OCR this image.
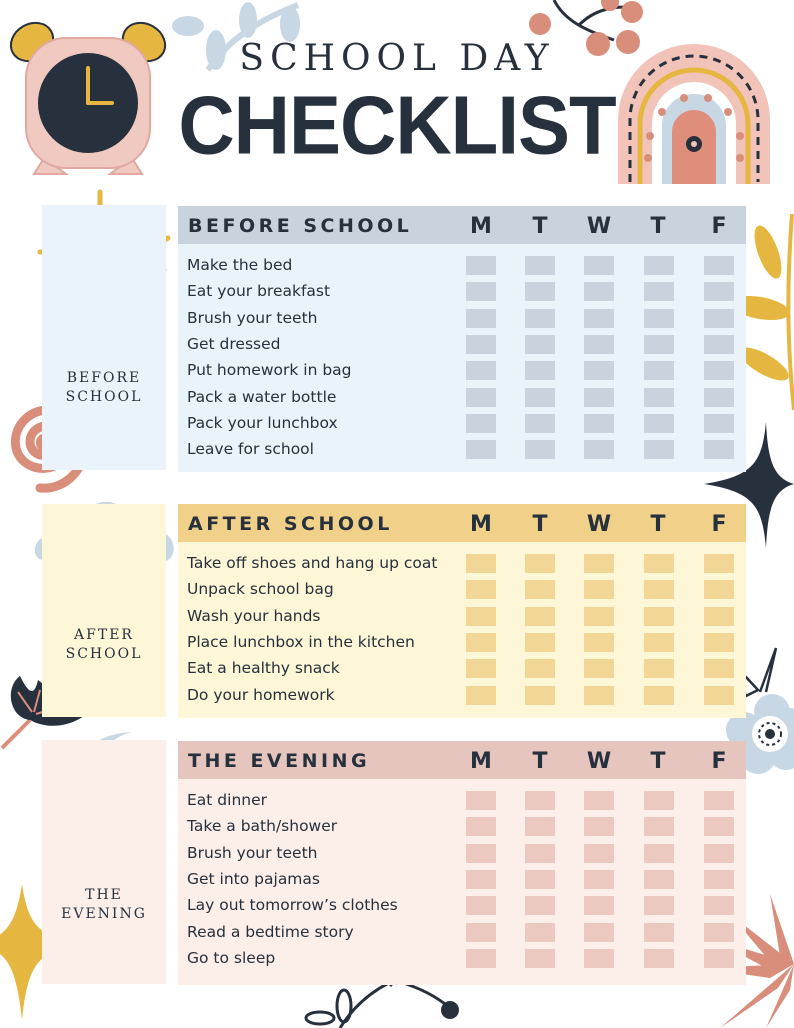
SCHOOL DAY
CHECKLIST
BEFORE
SCHOOL
BEFORE SCHOOL	M	T	W	T	F
Make the bed
Eat your breakfast
Brush your teeth
Get dressed
Put homework in bag
Pack a water bottle
Pack your lunchbox
Leave for school
AFTER
SCHOOL
AFTER SCHOOL	M	T	W	T	F
Take off shoes and hang up coat
Unpack school bag
Wash your hands
Place lunchbox in the kitchen
Eat a healthy snack
Do your homework
THE
EVENING
THE EVENING	M	T	W	T	F
Eat dinner
Take a bath/shower
Brush your teeth
Get into pajamas
Lay out tomorrow’s clothes
Read a bedtime story
Go to sleep
